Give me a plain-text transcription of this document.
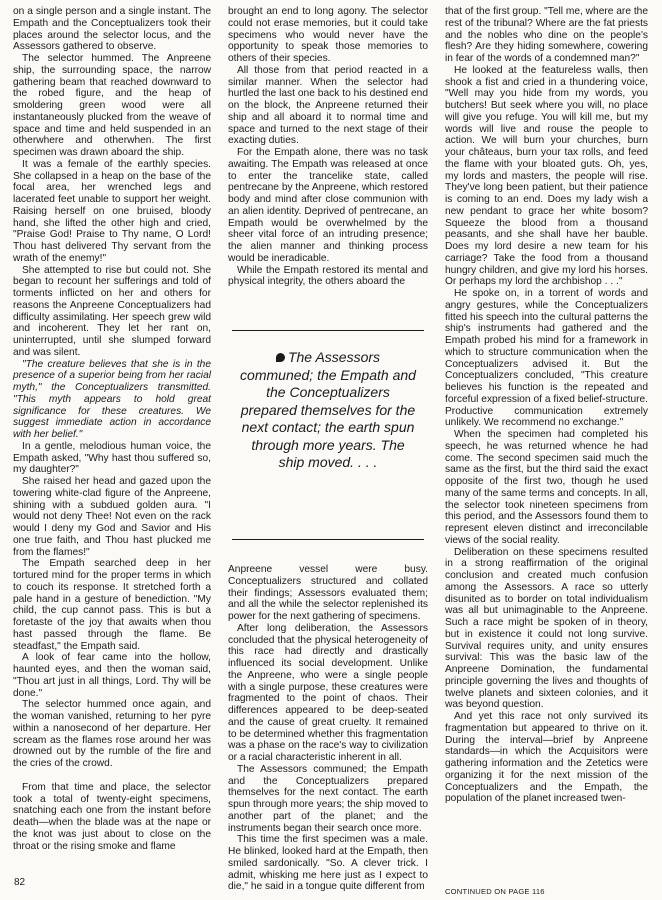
on a single person and a single instant. The Empath and the Conceptualizers took their places around the selector locus, and the Assessors gathered to observe.

The selector hummed. The Anpreene ship, the surrounding space, the narrow gathering beam that reached downward to the robed figure, and the heap of smoldering green wood were all instantaneously plucked from the weave of space and time and held suspended in an otherwhere and otherwhen. The first specimen was drawn aboard the ship.

It was a female of the earthly species. She collapsed in a heap on the base of the focal area, her wrenched legs and lacerated feet unable to support her weight. Raising herself on one bruised, bloody hand, she lifted the other high and cried, "Praise God! Praise to Thy name, O Lord! Thou hast delivered Thy servant from the wrath of the enemy!"

She attempted to rise but could not. She began to recount her sufferings and told of torments inflicted on her and others for reasons the Anpreene Conceptualizers had difficulty assimilating. Her speech grew wild and incoherent. They let her rant on, uninterrupted, until she slumped forward and was silent.

"The creature believes that she is in the presence of a superior being from her racial myth," the Conceptualizers transmitted. "This myth appears to hold great significance for these creatures. We suggest immediate action in accordance with her belief."

In a gentle, melodious human voice, the Empath asked, "Why hast thou suffered so, my daughter?"

She raised her head and gazed upon the towering white-clad figure of the Anpreene, shining with a subdued golden aura. "I would not deny Thee! Not even on the rack would I deny my God and Savior and His one true faith, and Thou hast plucked me from the flames!"

The Empath searched deep in her tortured mind for the proper terms in which to couch its response. It stretched forth a pale hand in a gesture of benediction. "My child, the cup cannot pass. This is but a foretaste of the joy that awaits when thou hast passed through the flame. Be steadfast," the Empath said.

A look of fear came into the hollow, haunted eyes, and then the woman said, "Thou art just in all things, Lord. Thy will be done."

The selector hummed once again, and the woman vanished, returning to her pyre within a nanosecond of her departure. Her scream as the flames rose around her was drowned out by the rumble of the fire and the cries of the crowd.

From that time and place, the selector took a total of twenty-eight specimens, snatching each one from the instant before death—when the blade was at the nape or the knot was just about to close on the throat or the rising smoke and flame

brought an end to long agony. The selector could not erase memories, but it could take specimens who would never have the opportunity to speak those memories to others of their species.

All those from that period reacted in a similar manner. When the selector had hurtled the last one back to his destined end on the block, the Anpreene returned their ship and all aboard it to normal time and space and turned to the next stage of their exacting duties.

For the Empath alone, there was no task awaiting. The Empath was released at once to enter the trancelike state, called pentrecane by the Anpreene, which restored body and mind after close communion with an alien identity. Deprived of pentrecane, an Empath would be overwhelmed by the sheer vital force of an intruding presence; the alien manner and thinking process would be ineradicable.

While the Empath restored its mental and physical integrity, the others aboard the

The Assessors communed; the Empath and the Conceptualizers prepared themselves for the next contact; the earth spun through more years. The ship moved. . . .

Anpreene vessel were busy. Conceptualizers structured and collated their findings; Assessors evaluated them; and all the while the selector replenished its power for the next gathering of specimens.

After long deliberation, the Assessors concluded that the physical heterogeneity of this race had directly and drastically influenced its social development. Unlike the Anpreene, who were a single people with a single purpose, these creatures were fragmented to the point of chaos. Their differences appeared to be deep-seated and the cause of great cruelty. It remained to be determined whether this fragmentation was a phase on the race's way to civilization or a racial characteristic inherent in all.

The Assessors communed; the Empath and the Conceptualizers prepared themselves for the next contact. The earth spun through more years; the ship moved to another part of the planet; and the instruments began their search once more.

This time the first specimen was a male. He blinked, looked hard at the Empath, then smiled sardonically. "So. A clever trick. I admit, whisking me here just as I expect to die," he said in a tongue quite different from

that of the first group. "Tell me, where are the rest of the tribunal? Where are the fat priests and the nobles who dine on the people's flesh? Are they hiding somewhere, cowering in fear of the words of a condemned man?"

He looked at the featureless walls, then shook a fist and cried in a thundering voice, "Well may you hide from my words, you butchers! But seek where you will, no place will give you refuge. You will kill me, but my words will live and rouse the people to action. We will burn your churches, burn your châteaus, burn your tax rolls, and feed the flame with your bloated guts. Oh, yes, my lords and masters, the people will rise. They've long been patient, but their patience is coming to an end. Does my lady wish a new pendant to grace her white bosom? Squeeze the blood from a thousand peasants, and she shall have her bauble. Does my lord desire a new team for his carriage? Take the food from a thousand hungry children, and give my lord his horses. Or perhaps my lord the archbishop . . ."

He spoke on, in a torrent of words and angry gestures, while the Conceptualizers fitted his speech into the cultural patterns the ship's instruments had gathered and the Empath probed his mind for a framework in which to structure communication when the Conceptualizers advised it. But the Conceptualizers concluded, "This creature believes his function is the repeated and forceful expression of a fixed belief-structure. Productive communication extremely unlikely. We recommend no exchange."

When the specimen had completed his speech, he was returned whence he had come. The second specimen said much the same as the first, but the third said the exact opposite of the first two, though he used many of the same terms and concepts. In all, the selector took nineteen specimens from this period, and the Assessors found them to represent eleven distinct and irreconcilable views of the social reality.

Deliberation on these specimens resulted in a strong reaffirmation of the original conclusion and created much confusion among the Assessors. A race so utterly disunited as to border on total individualism was all but unimaginable to the Anpreene. Such a race might be spoken of in theory, but in existence it could not long survive. Survival requires unity, and unity ensures survival: This was the basic law of the Anpreene Domination, the fundamental principle governing the lives and thoughts of twelve planets and sixteen colonies, and it was beyond question.

And yet this race not only survived its fragmentation but appeared to thrive on it. During the interval—brief by Anpreene standards—in which the Acquisitors were gathering information and the Zetetics were organizing it for the next mission of the Conceptualizers and the Empath, the population of the planet increased twen-

82
CONTINUED ON PAGE 116
